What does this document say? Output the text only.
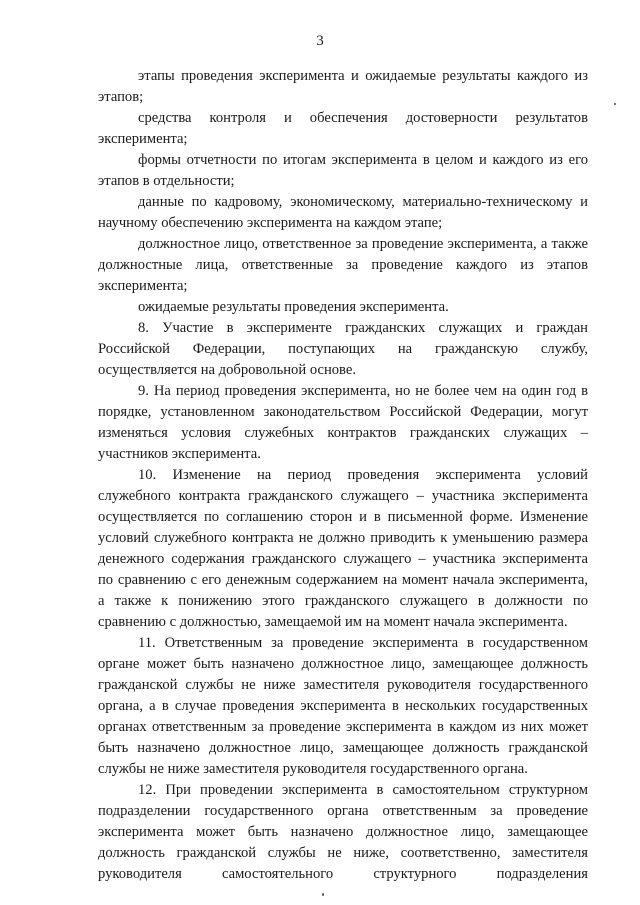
3
этапы проведения эксперимента и ожидаемые результаты каждого из
этапов;
средства контроля и обеспечения достоверности результатов
эксперимента;
формы отчетности по итогам эксперимента в целом и каждого из его
этапов в отдельности;
данные по кадровому, экономическому, материально-техническому и
научному обеспечению эксперимента на каждом этапе;
должностное лицо, ответственное за проведение эксперимента, а также
должностные лица, ответственные за проведение каждого из этапов
эксперимента;
ожидаемые результаты проведения эксперимента.
8. Участие в эксперименте гражданских служащих и граждан
Российской Федерации, поступающих на гражданскую службу,
осуществляется на добровольной основе.
9. На период проведения эксперимента, но не более чем на один год в
порядке, установленном законодательством Российской Федерации, могут
изменяться условия служебных контрактов гражданских служащих –
участников эксперимента.
10. Изменение на период проведения эксперимента условий
служебного контракта гражданского служащего – участника эксперимента
осуществляется по соглашению сторон и в письменной форме. Изменение
условий служебного контракта не должно приводить к уменьшению размера
денежного содержания гражданского служащего – участника эксперимента
по сравнению с его денежным содержанием на момент начала эксперимента,
а также к понижению этого гражданского служащего в должности по
сравнению с должностью, замещаемой им на момент начала эксперимента.
11. Ответственным за проведение эксперимента в государственном
органе может быть назначено должностное лицо, замещающее должность
гражданской службы не ниже заместителя руководителя государственного
органа, а в случае проведения эксперимента в нескольких государственных
органах ответственным за проведение эксперимента в каждом из них может
быть назначено должностное лицо, замещающее должность гражданской
службы не ниже заместителя руководителя государственного органа.
12. При проведении эксперимента в самостоятельном структурном
подразделении государственного органа ответственным за проведение
эксперимента может быть назначено должностное лицо, замещающее
должность гражданской службы не ниже, соответственно, заместителя
руководителя самостоятельного структурного подразделения
